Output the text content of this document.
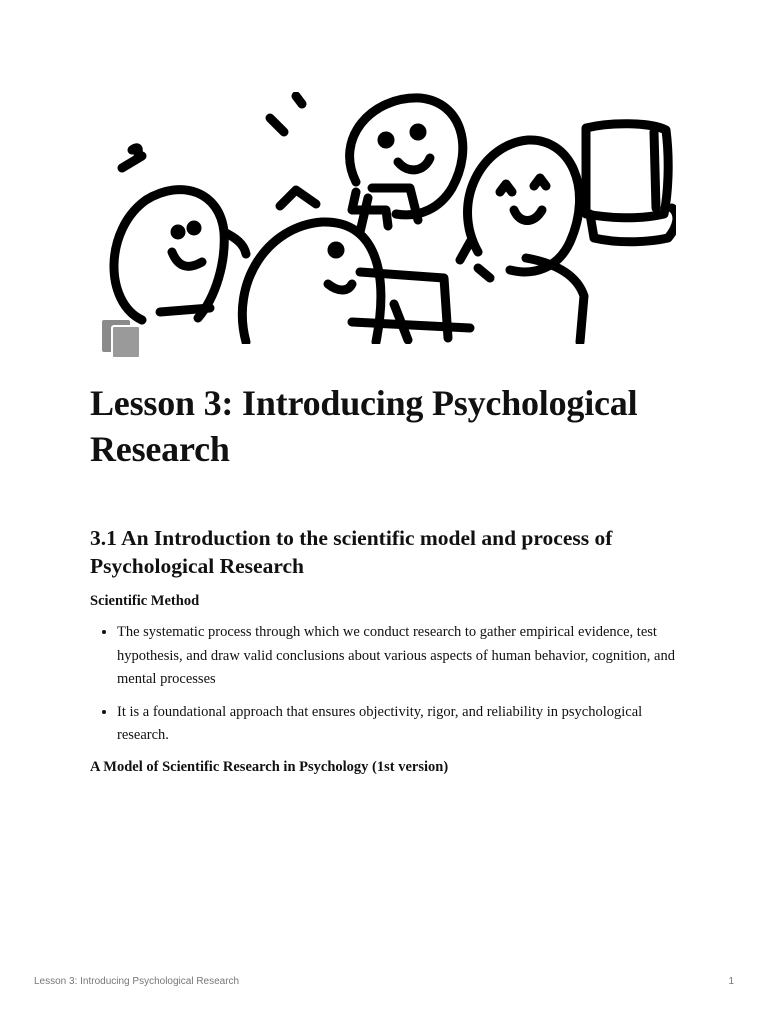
Lesson 3: Introducing Psychological Research
3.1 An Introduction to the scientific model and process of Psychological Research

Scientific Method

• The systematic process through which we conduct research to gather empirical evidence, test hypothesis, and draw valid conclusions about various aspects of human behavior, cognition, and mental processes
• It is a foundational approach that ensures objectivity, rigor, and reliability in psychological research.

A Model of Scientific Research in Psychology (1st version)

Lesson 3: Introducing Psychological Research	1
